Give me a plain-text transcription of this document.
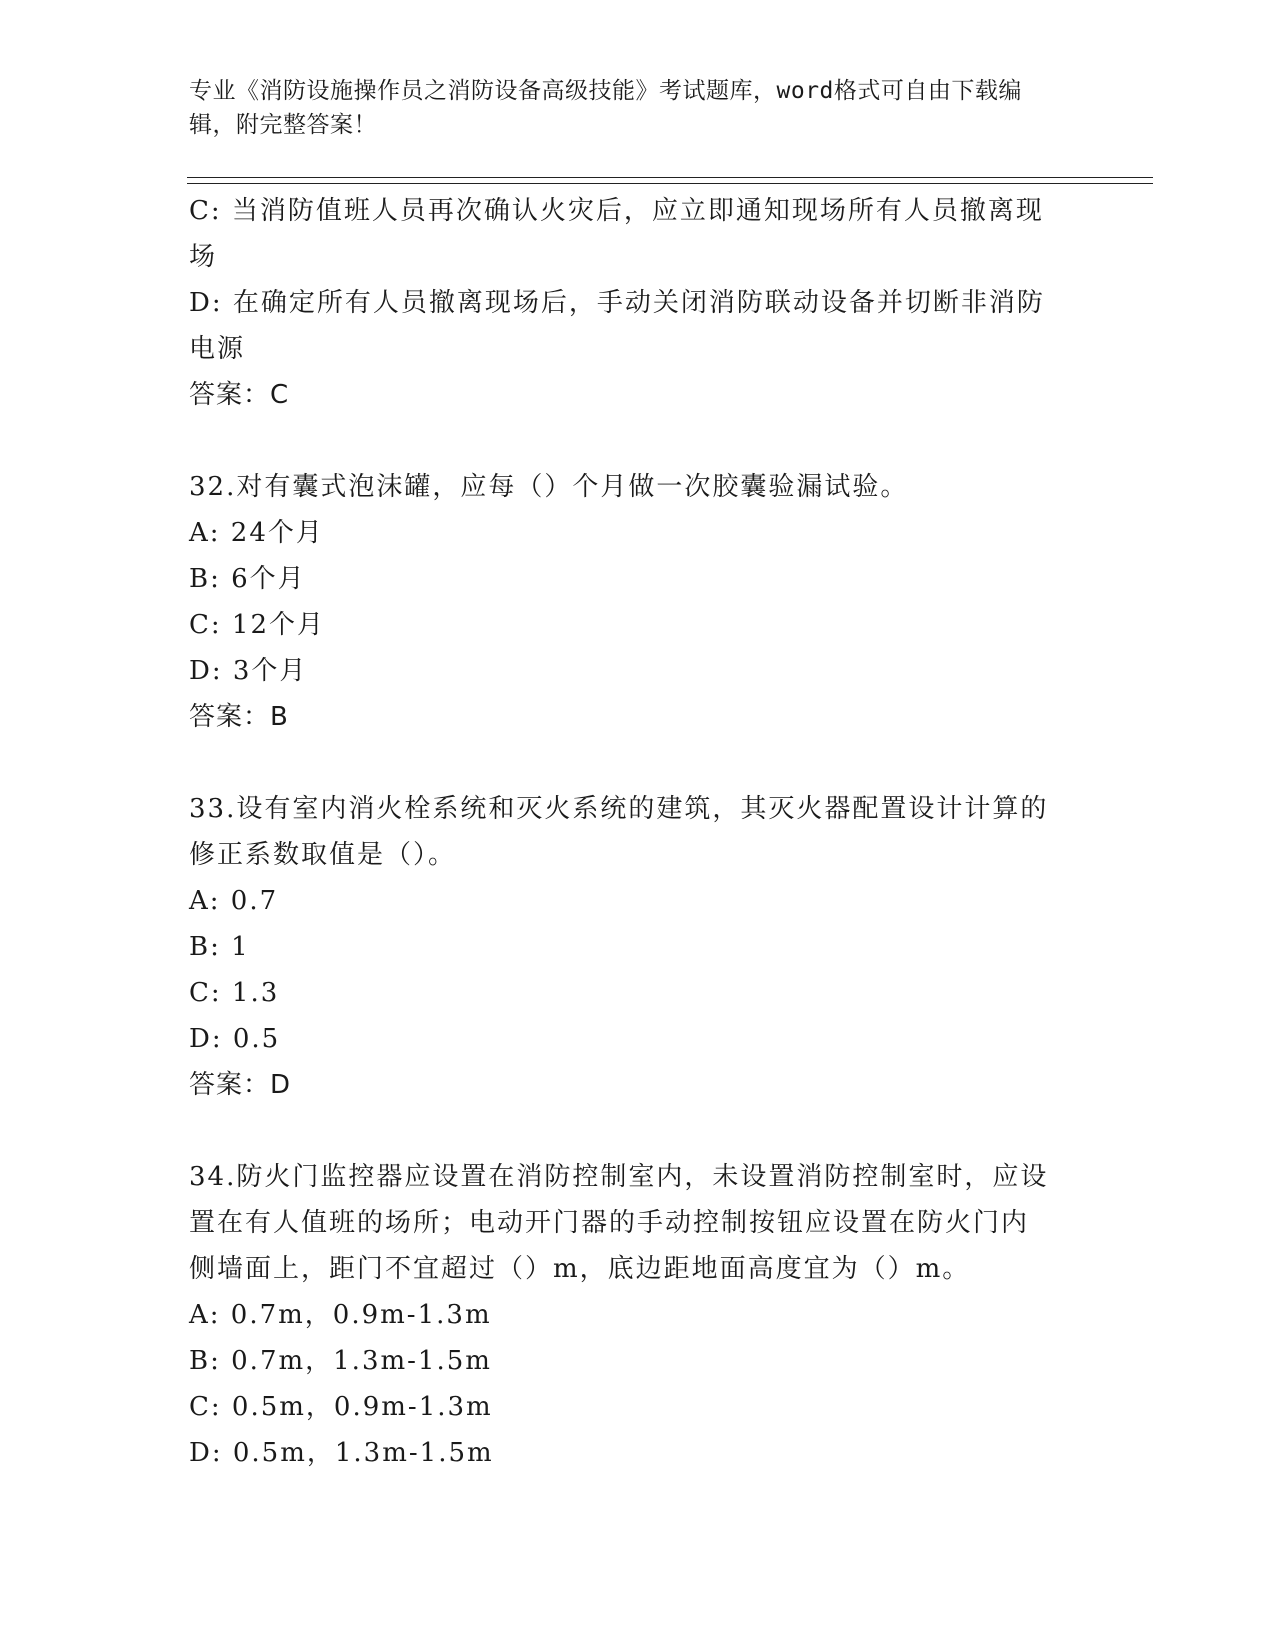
专业《消防设施操作员之消防设备高级技能》考试题库，word格式可自由下载编
辑，附完整答案！
C: 当消防值班人员再次确认火灾后，应立即通知现场所有人员撤离现
场
D: 在确定所有人员撤离现场后，手动关闭消防联动设备并切断非消防
电源
答案：C
32.对有囊式泡沫罐，应每（）个月做一次胶囊验漏试验。
A: 24个月
B: 6个月
C: 12个月
D: 3个月
答案：B
33.设有室内消火栓系统和灭火系统的建筑，其灭火器配置设计计算的
修正系数取值是（）。
A: 0.7
B: 1
C: 1.3
D: 0.5
答案：D
34.防火门监控器应设置在消防控制室内，未设置消防控制室时，应设
置在有人值班的场所；电动开门器的手动控制按钮应设置在防火门内
侧墙面上，距门不宜超过（）m，底边距地面高度宜为（）m。
A: 0.7m，0.9m-1.3m
B: 0.7m，1.3m-1.5m
C: 0.5m，0.9m-1.3m
D: 0.5m，1.3m-1.5m
